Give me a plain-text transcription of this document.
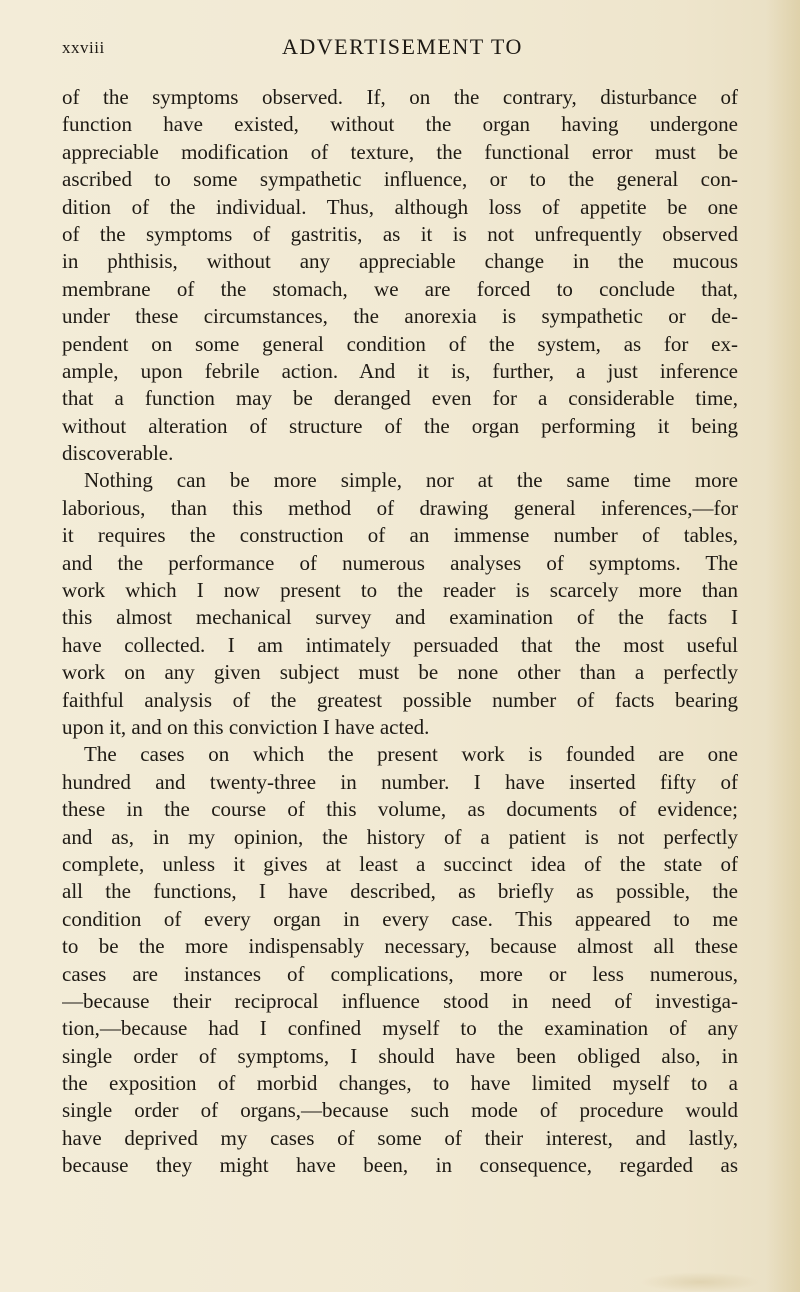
xxviii	ADVERTISEMENT TO
of the symptoms observed. If, on the contrary, disturbance of
function have existed, without the organ having undergone
appreciable modification of texture, the functional error must be
ascribed to some sympathetic influence, or to the general con-
dition of the individual. Thus, although loss of appetite be one
of the symptoms of gastritis, as it is not unfrequently observed
in phthisis, without any appreciable change in the mucous
membrane of the stomach, we are forced to conclude that,
under these circumstances, the anorexia is sympathetic or de-
pendent on some general condition of the system, as for ex-
ample, upon febrile action. And it is, further, a just inference
that a function may be deranged even for a considerable time,
without alteration of structure of the organ performing it being
discoverable.
Nothing can be more simple, nor at the same time more
laborious, than this method of drawing general inferences,—for
it requires the construction of an immense number of tables,
and the performance of numerous analyses of symptoms. The
work which I now present to the reader is scarcely more than
this almost mechanical survey and examination of the facts I
have collected. I am intimately persuaded that the most useful
work on any given subject must be none other than a perfectly
faithful analysis of the greatest possible number of facts bearing
upon it, and on this conviction I have acted.
The cases on which the present work is founded are one
hundred and twenty-three in number. I have inserted fifty of
these in the course of this volume, as documents of evidence;
and as, in my opinion, the history of a patient is not perfectly
complete, unless it gives at least a succinct idea of the state of
all the functions, I have described, as briefly as possible, the
condition of every organ in every case. This appeared to me
to be the more indispensably necessary, because almost all these
cases are instances of complications, more or less numerous,
—because their reciprocal influence stood in need of investiga-
tion,—because had I confined myself to the examination of any
single order of symptoms, I should have been obliged also, in
the exposition of morbid changes, to have limited myself to a
single order of organs,—because such mode of procedure would
have deprived my cases of some of their interest, and lastly,
because they might have been, in consequence, regarded as
